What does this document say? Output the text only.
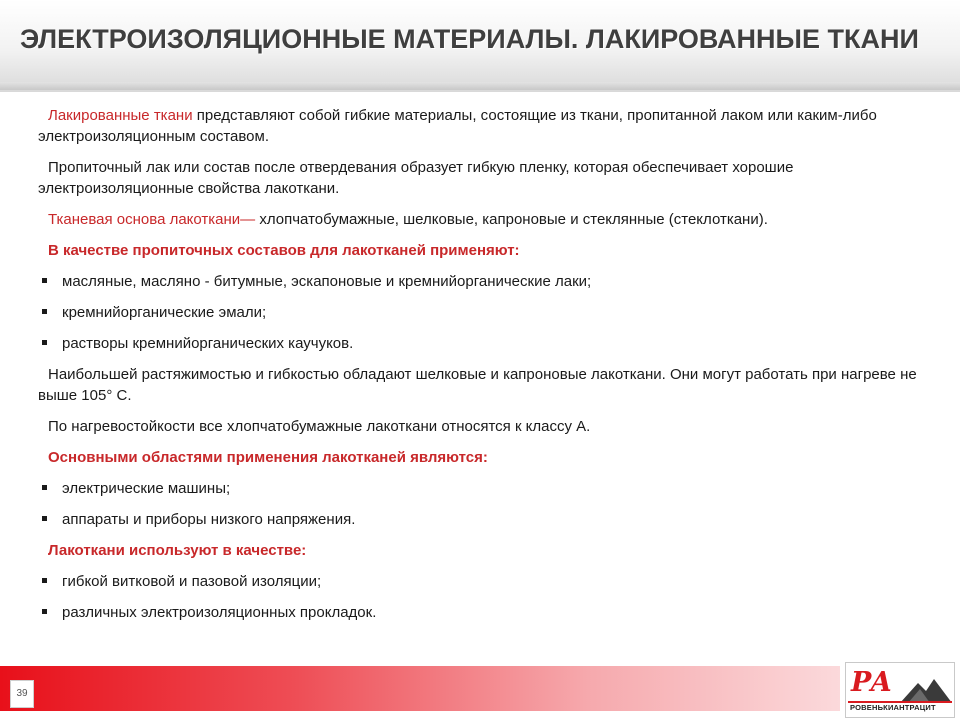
ЭЛЕКТРОИЗОЛЯЦИОННЫЕ МАТЕРИАЛЫ. ЛАКИРОВАННЫЕ ТКАНИ

Лакированные ткани представляют собой гибкие материалы, состоящие из ткани, пропитанной лаком или каким-либо электроизоляционным составом.

Пропиточный лак или состав после отвердевания образует гибкую пленку, которая обеспечивает хорошие электроизоляционные свойства лакоткани.

Тканевая основа лакоткани— хлопчатобумажные, шелковые, капроновые и стеклянные (стеклоткани).

В качестве пропиточных составов для лакотканей применяют:
масляные, масляно - битумные, эскапоновые и кремнийорганические лаки;
кремнийорганические эмали;
растворы кремнийорганических каучуков.

Наибольшей растяжимостью и гибкостью обладают шелковые и капроновые лакоткани. Они могут работать при нагреве не выше 105° С.

По нагревостойкости все хлопчатобумажные лакоткани относятся к классу А.

Основными областями применения лакотканей являются:
электрические машины;
аппараты и приборы низкого напряжения.
Лакоткани используют в качестве:
гибкой витковой и пазовой изоляции;
различных электроизоляционных прокладок.
39	РА
РОВЕНЬКИАНТРАЦИТ
